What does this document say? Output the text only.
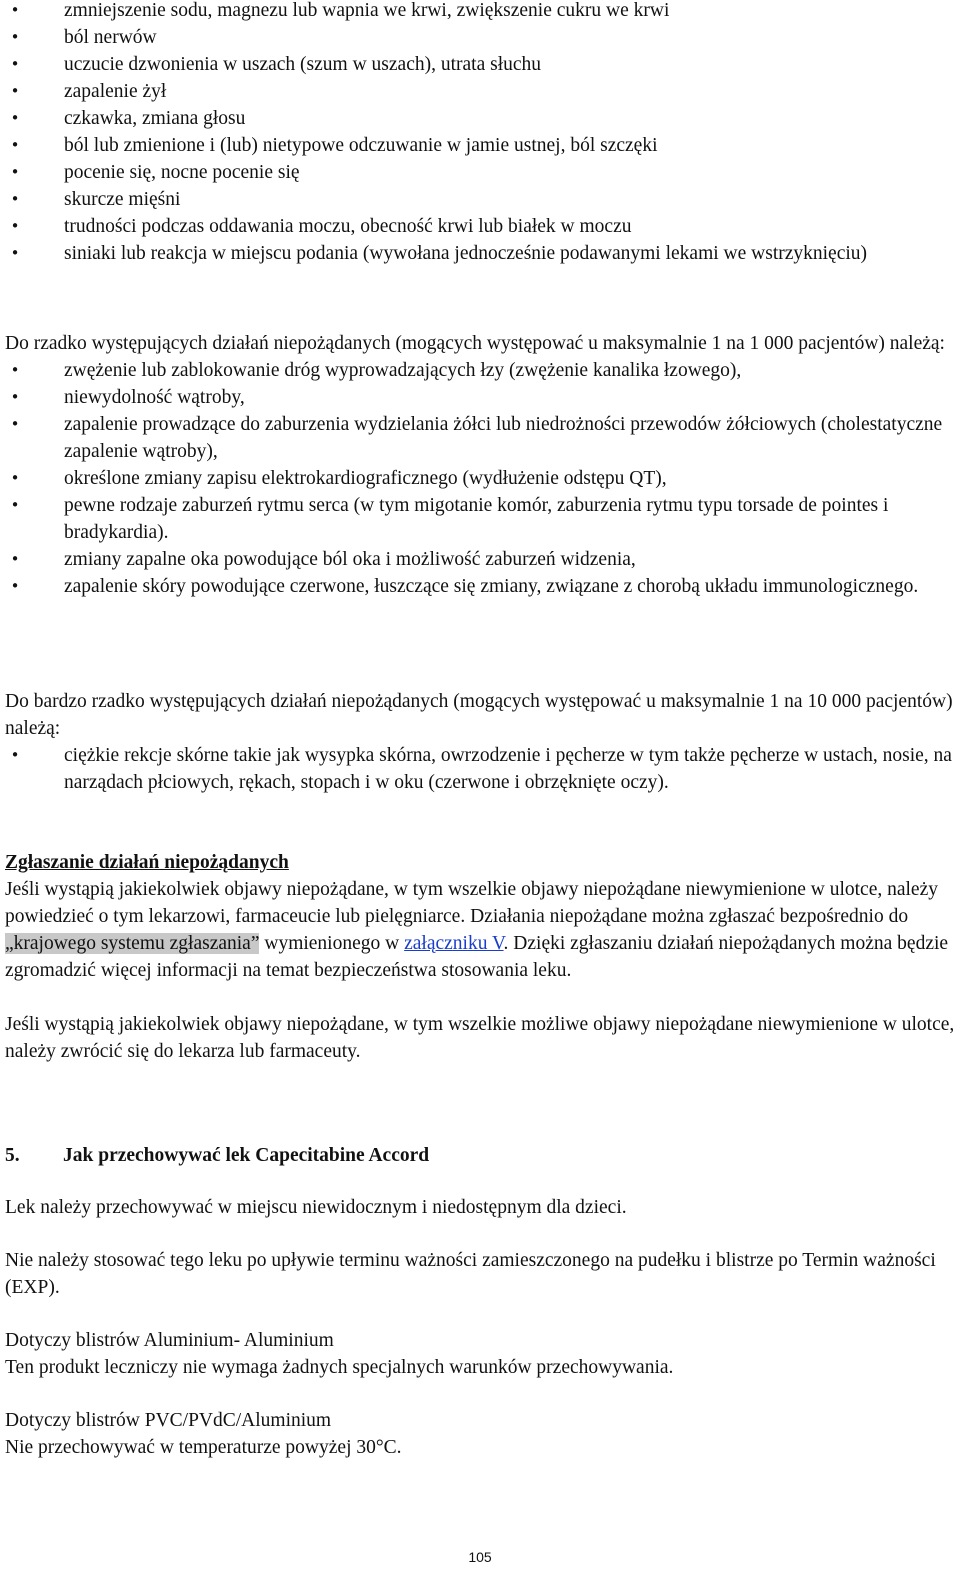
• zmniejszenie sodu, magnezu lub wapnia we krwi, zwiększenie cukru we krwi
• ból nerwów
• uczucie dzwonienia w uszach (szum w uszach), utrata słuchu
• zapalenie żył
• czkawka, zmiana głosu
• ból lub zmienione i (lub) nietypowe odczuwanie w jamie ustnej, ból szczęki
• pocenie się, nocne pocenie się
• skurcze mięśni
• trudności podczas oddawania moczu, obecność krwi lub białek w moczu
• siniaki lub reakcja w miejscu podania (wywołana jednocześnie podawanymi lekami we wstrzyknięciu)

Do rzadko występujących działań niepożądanych (mogących występować u maksymalnie 1 na 1 000 pacjentów) należą:

• zwężenie lub zablokowanie dróg wyprowadzających łzy (zwężenie kanalika łzowego),
• niewydolność wątroby,
• zapalenie prowadzące do zaburzenia wydzielania żółci lub niedrożności przewodów żółciowych (cholestatyczne zapalenie wątroby),
• określone zmiany zapisu elektrokardiograficznego (wydłużenie odstępu QT),
• pewne rodzaje zaburzeń rytmu serca (w tym migotanie komór, zaburzenia rytmu typu torsade de pointes i bradykardia).
• zmiany zapalne oka powodujące ból oka i możliwość zaburzeń widzenia,
• zapalenie skóry powodujące czerwone, łuszczące się zmiany, związane z chorobą układu immunologicznego.

Do bardzo rzadko występujących działań niepożądanych (mogących występować u maksymalnie 1 na 10 000 pacjentów) należą:

• ciężkie rekcje skórne takie jak wysypka skórna, owrzodzenie i pęcherze w tym także pęcherze w ustach, nosie, na narządach płciowych, rękach, stopach i w oku (czerwone i obrzęknięte oczy).

Zgłaszanie działań niepożądanych

Jeśli wystąpią jakiekolwiek objawy niepożądane, w tym wszelkie objawy niepożądane niewymienione w ulotce, należy powiedzieć o tym lekarzowi, farmaceucie lub pielęgniarce. Działania niepożądane można zgłaszać bezpośrednio do „krajowego systemu zgłaszania” wymienionego w załączniku V. Dzięki zgłaszaniu działań niepożądanych można będzie zgromadzić więcej informacji na temat bezpieczeństwa stosowania leku.

Jeśli wystąpią jakiekolwiek objawy niepożądane, w tym wszelkie możliwe objawy niepożądane niewymienione w ulotce, należy zwrócić się do lekarza lub farmaceuty.

5. Jak przechowywać lek Capecitabine Accord

Lek należy przechowywać w miejscu niewidocznym i niedostępnym dla dzieci.

Nie należy stosować tego leku po upływie terminu ważności zamieszczonego na pudełku i blistrze po Termin ważności (EXP).

Dotyczy blistrów Aluminium- Aluminium

Ten produkt leczniczy nie wymaga żadnych specjalnych warunków przechowywania.

Dotyczy blistrów PVC/PVdC/Aluminium

Nie przechowywać w temperaturze powyżej 30°C.

105
